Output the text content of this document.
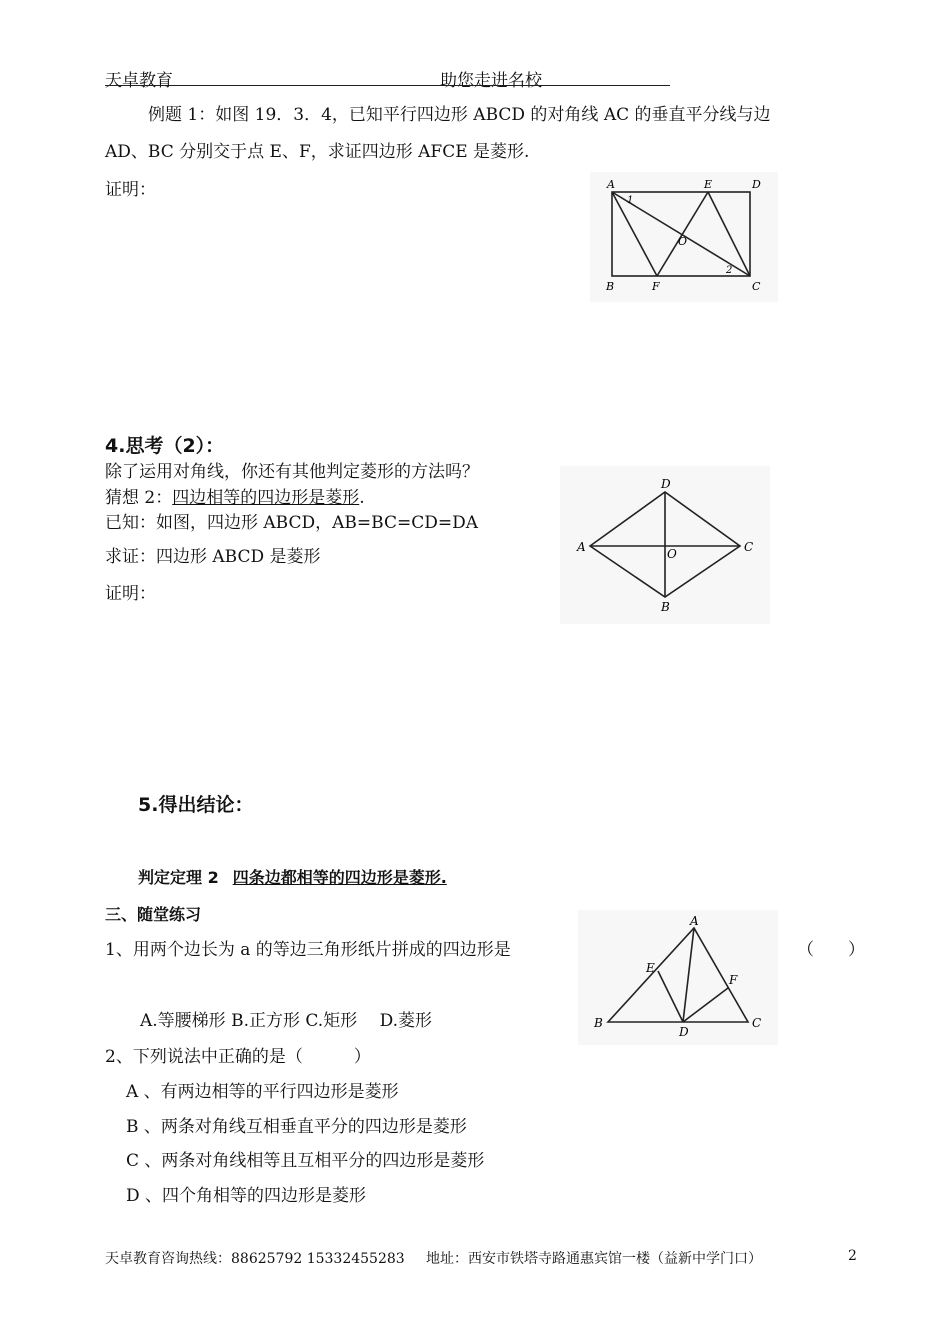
天卓教育	助您走进名校
例题 1：如图 19．3．4，已知平行四边形 ABCD 的对角线 AC 的垂直平分线与边
AD、BC 分别交于点 E、F，求证四边形 AFCE 是菱形.
证明：	A	E	D
B	F	C
O
1
2
4.思考（2）：
除了运用对角线，你还有其他判定菱形的方法吗？
猜想 2：四边相等的四边形是菱形.
已知：如图，四边形 ABCD，AB=BC=CD=DA
求证：四边形 ABCD 是菱形
证明：
D
A	C
B
O
5.得出结论：
判定定理 2 四条边都相等的四边形是菱形.
三、随堂练习
1、用两个边长为 a 的等边三角形纸片拼成的四边形是	（　　）
A.等腰梯形 B.正方形 C.矩形　 D.菱形
A
E
F
B
D
C
2、下列说法中正确的是（　　　）
A 、有两边相等的平行四边形是菱形
B 、两条对角线互相垂直平分的四边形是菱形
C 、两条对角线相等且互相平分的四边形是菱形
D 、四个角相等的四边形是菱形
天卓教育咨询热线：88625792 15332455283 地址：西安市铁塔寺路通惠宾馆一楼（益新中学门口）	2
